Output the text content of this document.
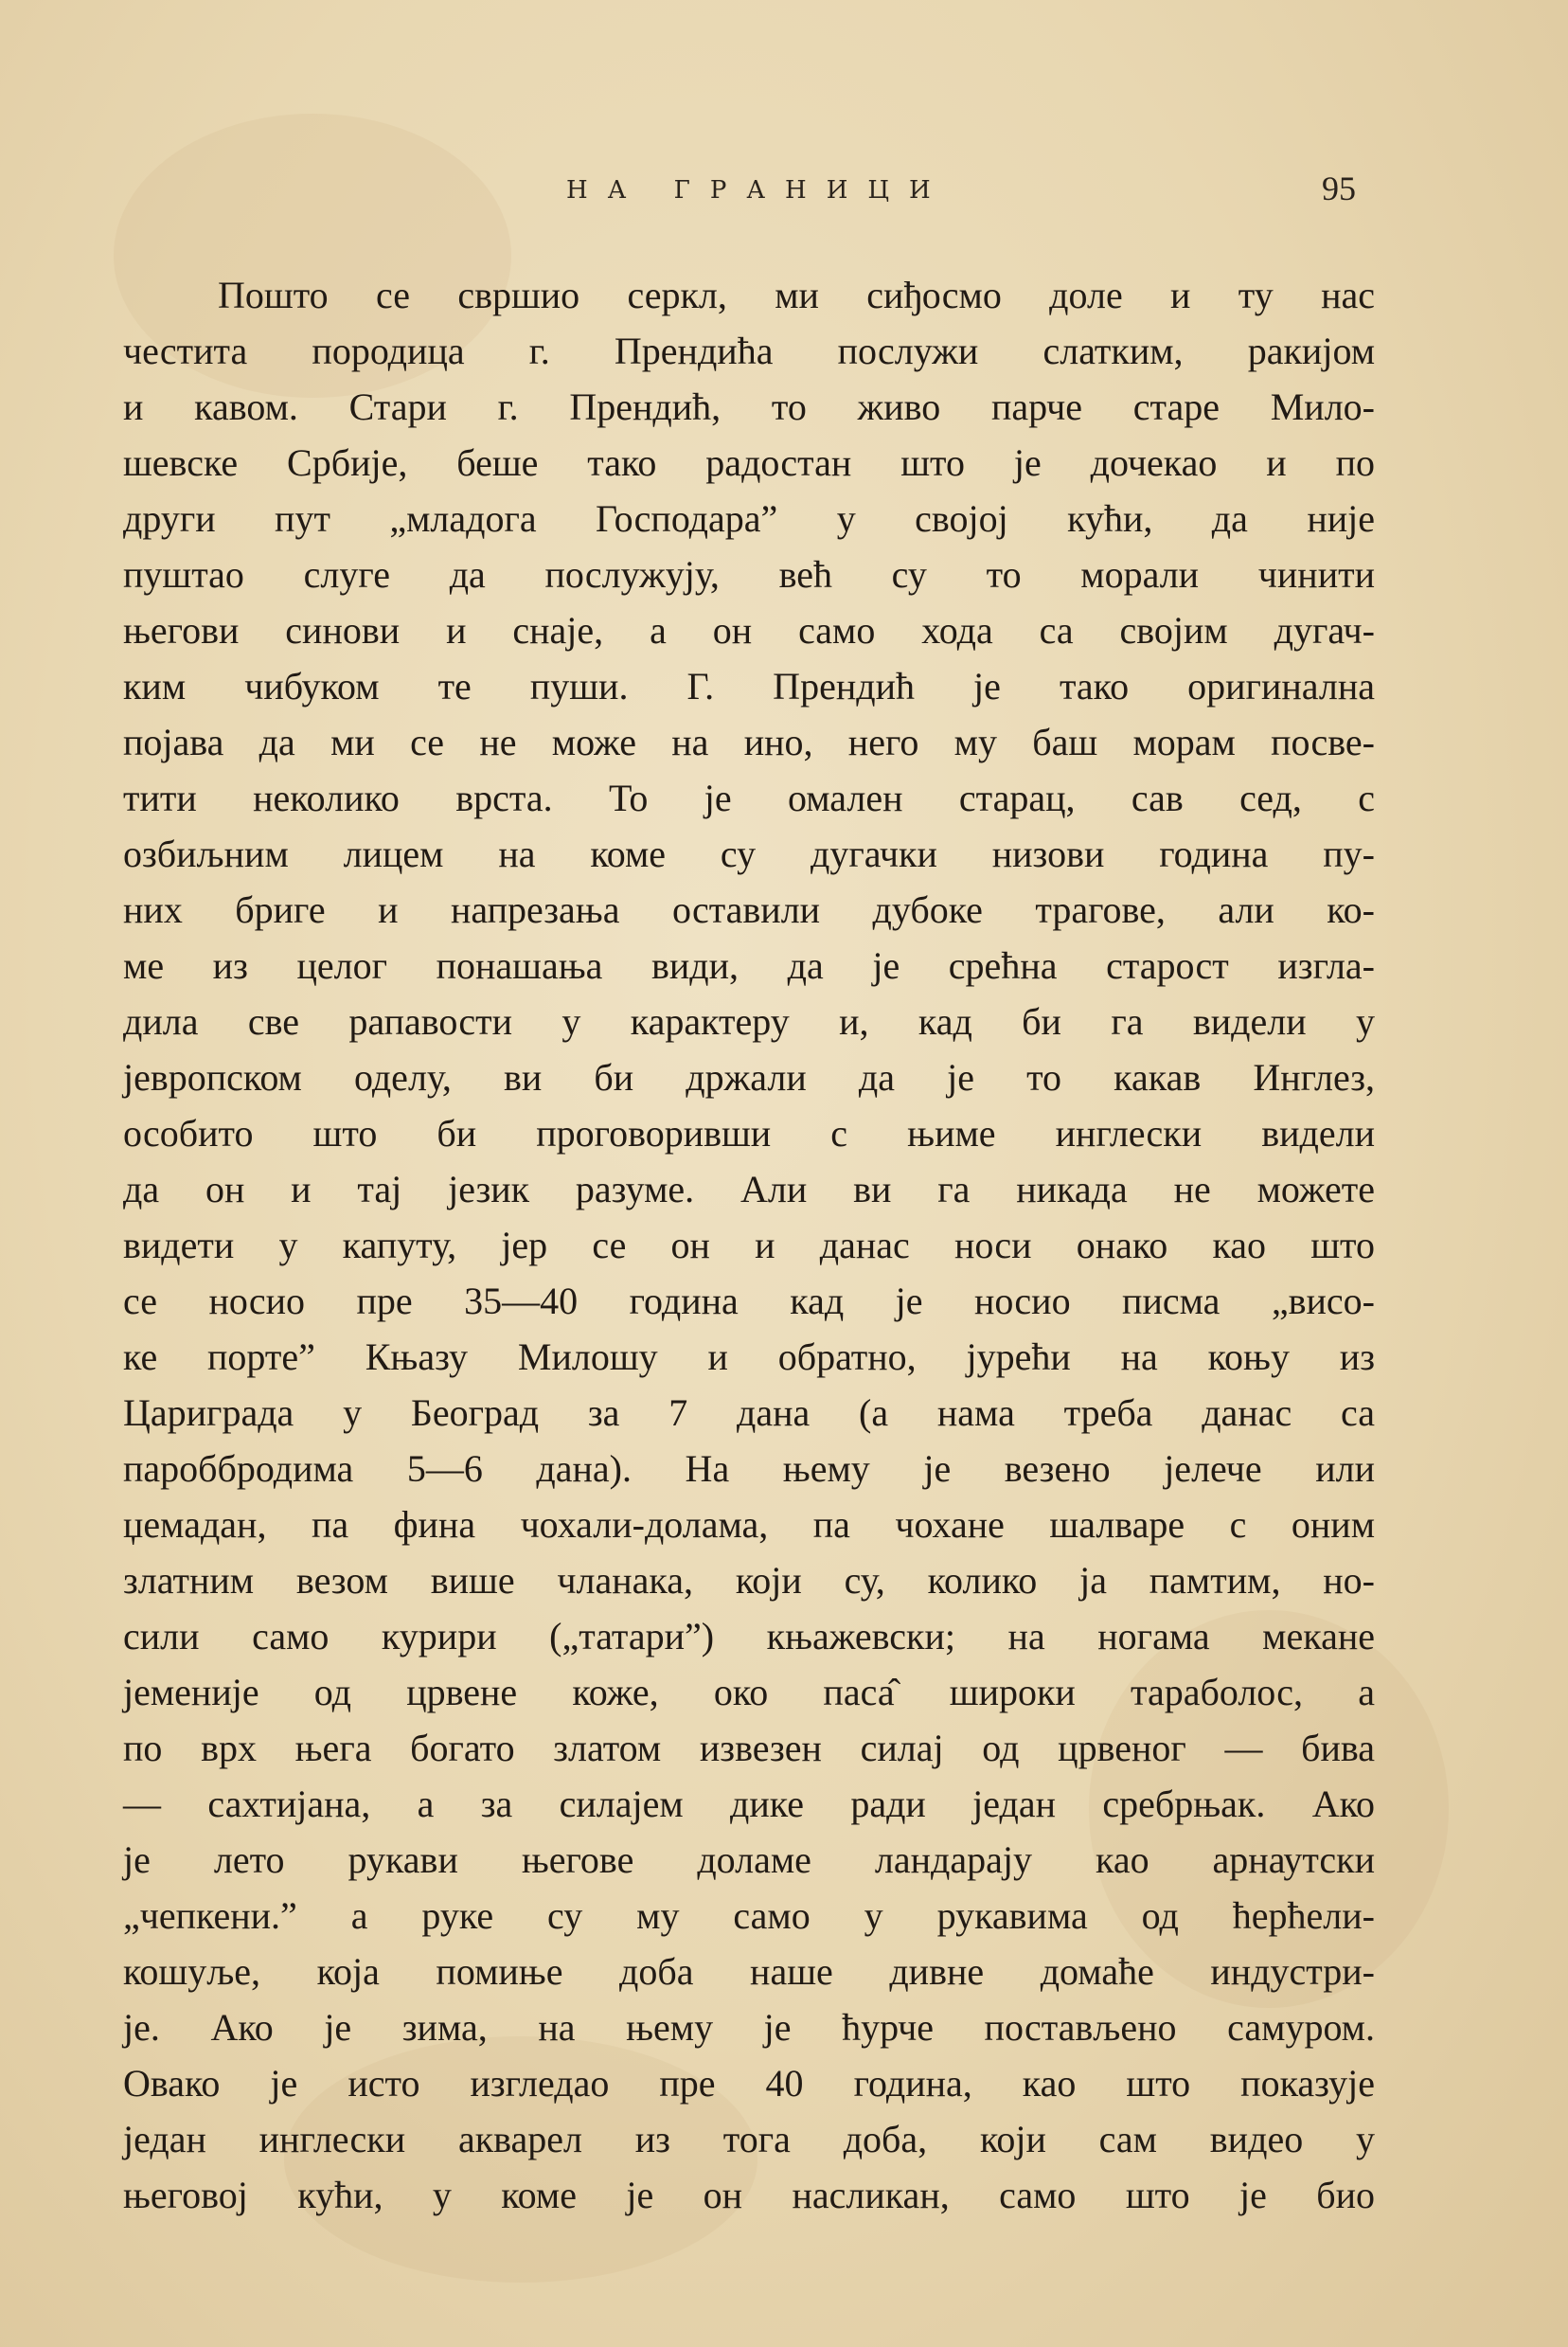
НА ГРАНИЦИ	95
Пошто се свршио серкл, ми сиђосмо доле и ту нас
честита породица г. Прендића послужи слатким, ракијом
и кавом. Стари г. Прендић, то живо парче старе Мило-
шевске Србије, беше тако радостан што је дочекао и по
други пут „младога Господара” у својој кући, да није
пуштао слуге да послужују, већ су то морали чинити
његови синови и снаје, а он само хода са својим дугач-
ким чибуком те пуши. Г. Прендић је тако оригинална
појава да ми се не може на ино, него му баш морам посве-
тити неколико врста. То је омален старац, сав сед, с
озбиљним лицем на коме су дугачки низови година пу-
них бриге и напрезања оставили дубоке трагове, али ко-
ме из целог понашања види, да је срећна старост изгла-
дила све рапавости у карактеру и, кад би га видели у
јевропском оделу, ви би држали да је то какав Инглез,
особито што би проговоривши с њиме инглески видели
да он и тај језик разуме. Али ви га никада не можете
видети у капуту, јер се он и данас носи онако као што
се носио пре 35—40 година кад је носио писма „висо-
ке порте” Књазу Милошу и обратно, јурећи на коњу из
Цариграда у Београд за 7 дана (а нама треба данас са
пароббродима 5—6 дана). На њему је везено јелече или
џемадан, па фина чохали-долама, па чохане шалваре с оним
златним везом више чланака, који су, колико ја памтим, но-
сили само курири („татари”) књажевски; на ногама мекане
јемeније од црвене коже, око паса̂ широки тараболос, а
по врх њега богато златом извезен силај од црвеног — бива
— сахтијана, а за силајем дике ради један сребрњак. Ако
је лето рукави његове доламе ландарају као арнаутски
„чепкени.” а руке су му само у рукавима од ћерћели-
кошуље, која помиње доба наше дивне домаће индустри-
је. Ако је зима, на њему је ћурче постављено самуром.
Овако је исто изгледао пре 40 година, као што показује
један инглески акварел из тога доба, који сам видео у
његовој кући, у коме је он насликан, само што је био
